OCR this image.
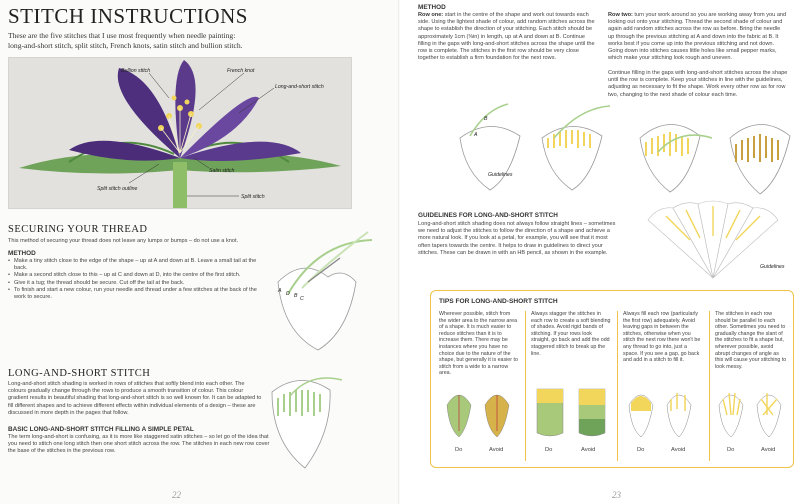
STITCH INSTRUCTIONS

These are the five stitches that I use most frequently when needle painting: long-and-short stitch, split stitch, French knots, satin stitch and bullion stitch.

Bullion stitch	French knot
Long-and-short stitch
Satin stitch
Split stitch outline
Split stitch
SECURING YOUR THREAD

This method of securing your thread does not leave any lumps or bumps – do not use a knot.

METHOD

• Make a tiny stitch close to the edge of the shape – up at A and down at B. Leave a small tail at the back.
• Make a second stitch close to this – up at C and down at D, into the centre of the first stitch.
• Give it a tug; the thread should be secure. Cut off the tail at the back.
• To finish and start a new colour, run your needle and thread under a few stitches at the back of the work to secure.
A D B C
LONG-AND-SHORT STITCH

Long-and-short stitch shading is worked in rows of stitches that softly blend into each other. The colours gradually change through the rows to produce a smooth transition of colour. This colour gradient results in beautiful shading that long-and-short stitch is so well known for. It can be adapted to fill different shapes and to achieve different effects within individual elements of a design – these are discussed in more depth in the pages that follow.

BASIC LONG-AND-SHORT STITCH FILLING A SIMPLE PETAL

The term long-and-short is confusing, as it is more like staggered satin stitches – so let go of the idea that you need to stitch one long stitch then one short stitch across the row. The stitches in each new row cover the base of the stitches in the previous row.

22

METHOD

Row one: start in the centre of the shape and work out towards each side. Using the lightest shade of colour, add random stitches across the shape to establish the direction of your stitching. Each stitch should be approximately 1cm (⅜in) in length, up at A and down at B. Continue filling in the gaps with long-and-short stitches across the shape until the row is complete. The stitches in the first row should be very close together to establish a firm foundation for the next rows.

Row two: turn your work around so you are working away from you and looking out onto your stitching. Thread the second shade of colour and again add random stitches across the row as before. Bring the needle up through the previous stitching at A and down into the fabric at B. It works best if you come up into the previous stitching and not down. Going down into stitches causes little holes like small pepper marks, which make your stitching look rough and uneven.

Continue filling in the gaps with long-and-short stitches across the shape until the row is complete. Keep your stitches in line with the guidelines, adjusting as necessary to fit the shape. Work every other row as for row two, changing to the next shade of colour each time.

B
A
Guidelines

GUIDELINES FOR LONG-AND-SHORT STITCH

Long-and-short stitch shading does not always follow straight lines – sometimes we need to adjust the stitches to follow the direction of a shape and achieve a more natural look. If you look at a petal, for example, you will see that it most often tapers towards the centre. It helps to draw in guidelines to direct your stitches. These can be drawn in with an HB pencil, as shown in the example.

Guidelines
23

TIPS FOR LONG-AND-SHORT STITCH

Wherever possible, stitch from the wider area to the narrow area of a shape. It is much easier to reduce stitches than it is to increase them. There may be instances where you have no choice due to the nature of the shape, but generally it is easier to stitch from a wide to a narrow area.

Always stagger the stitches in each row to create a soft blending of shades. Avoid rigid bands of stitching. If your rows look straight, go back and add the odd staggered stitch to break up the line.

Always fill each row (particularly the first row) adequately. Avoid leaving gaps in between the stitches, otherwise when you stitch the next row there won't be any thread to go into, just a space. If you see a gap, go back and add in a stitch to fill it.

The stitches in each row should be parallel to each other. Sometimes you need to gradually change the slant of the stitches to fit a shape but, wherever possible, avoid abrupt changes of angle as this will cause your stitching to look messy.

Do	Avoid	Do	Avoid	Do	Avoid	Do	Avoid
